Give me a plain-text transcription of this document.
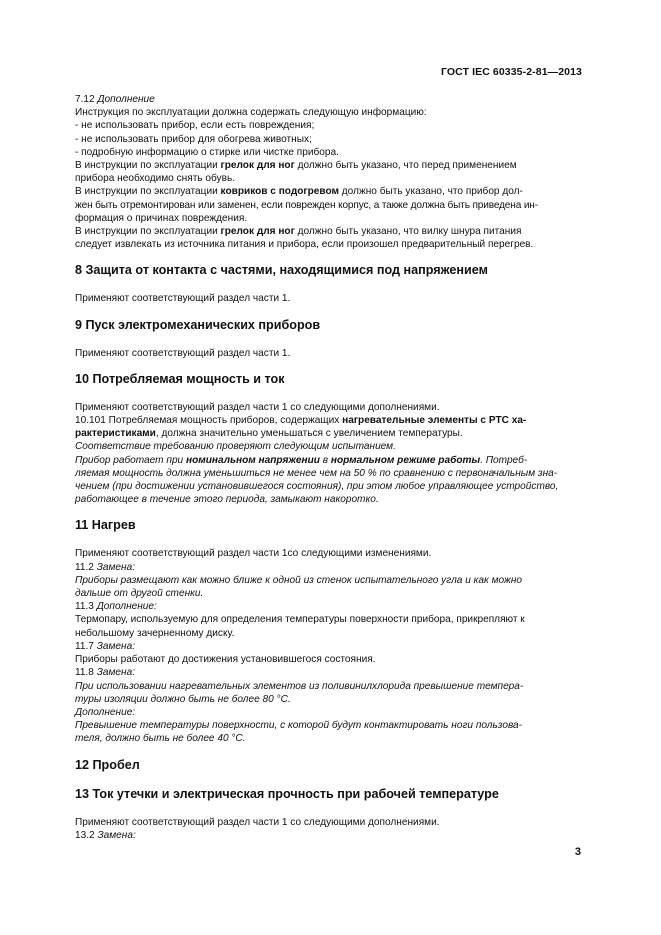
ГОСТ IEC 60335-2-81—2013

7.12 Дополнение

Инструкция по эксплуатации должна содержать следующую информацию:

- не использовать прибор, если есть повреждения;

- не использовать прибор для обогрева животных;

- подробную информацию о стирке или чистке прибора.

В инструкции по эксплуатации грелок для ног должно быть указано, что перед применением

прибора необходимо снять обувь.

В инструкции по эксплуатации ковриков с подогревом должно быть указано, что прибор дол-

жен быть отремонтирован или заменен, если поврежден корпус, а также должна быть приведена ин-

формация о причинах повреждения.

В инструкции по эксплуатации грелок для ног должно быть указано, что вилку шнура питания

следует извлекать из источника питания и прибора, если произошел предварительный перегрев.

8 Защита от контакта с частями, находящимися под напряжением

Применяют соответствующий раздел части 1.

9 Пуск электромеханических приборов

Применяют соответствующий раздел части 1.

10 Потребляемая мощность и ток

Применяют соответствующий раздел части 1 со следующими дополнениями.

10.101 Потребляемая мощность приборов, содержащих нагревательные элементы с РТС ха-

рактеристиками, должна значительно уменьшаться с увеличением температуры.

Соответствие требованию проверяют следующим испытанием.

Прибор работает при номинальном напряжении в нормальном режиме работы. Потреб-

ляемая мощность должна уменьшиться не менее чем на 50 % по сравнению с первоначальным зна-

чением (при достижении установившегося состояния), при этом любое управляющее устройство,

работающее в течение этого периода, замыкают накоротко.

11 Нагрев

Применяют соответствующий раздел части 1со следующими изменениями.

11.2 Замена:

Приборы размещают как можно ближе к одной из стенок испытательного угла и как можно

дальше от другой стенки.

11.3 Дополнение:

Термопару, используемую для определения температуры поверхности прибора, прикрепляют к

небольшому зачерненному диску.

11.7 Замена:

Приборы работают до достижения установившегося состояния.

11.8 Замена:

При использовании нагревательных элементов из поливинилхлорида превышение темпера-

туры изоляции должно быть не более 80 °С.

Дополнение:

Превышение температуры поверхности, с которой будут контактировать ноги пользова-

теля, должно быть не более 40 °С.

12 Пробел

13 Ток утечки и электрическая прочность при рабочей температуре

Применяют соответствующий раздел части 1 со следующими дополнениями.

13.2 Замена:

3
